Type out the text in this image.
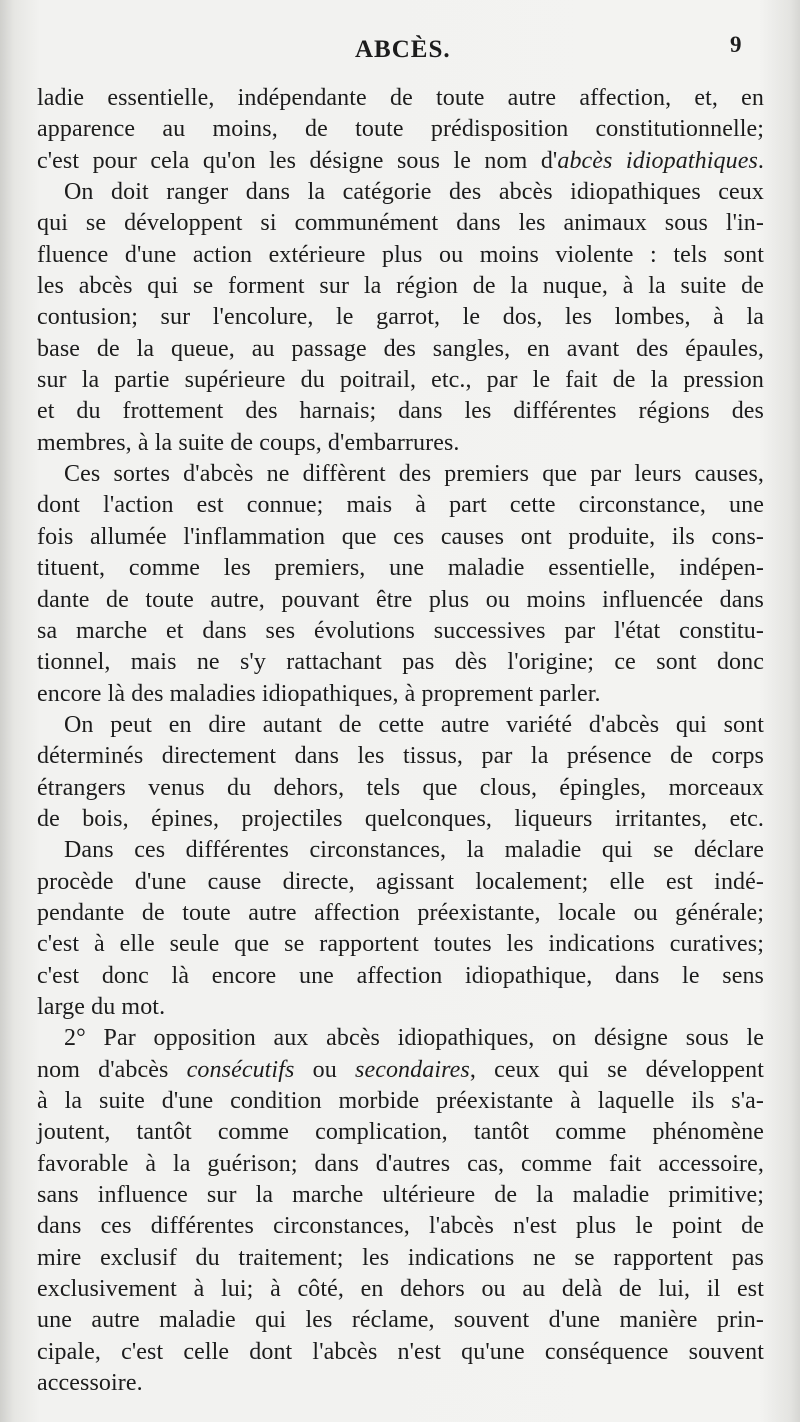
ABCÈS.	9
ladie essentielle, indépendante de toute autre affection, et, en
apparence au moins, de toute prédisposition constitutionnelle;
c'est pour cela qu'on les désigne sous le nom d'abcès idiopathiques.
On doit ranger dans la catégorie des abcès idiopathiques ceux
qui se développent si communément dans les animaux sous l'in-
fluence d'une action extérieure plus ou moins violente : tels sont
les abcès qui se forment sur la région de la nuque, à la suite de
contusion; sur l'encolure, le garrot, le dos, les lombes, à la
base de la queue, au passage des sangles, en avant des épaules,
sur la partie supérieure du poitrail, etc., par le fait de la pression
et du frottement des harnais; dans les différentes régions des
membres, à la suite de coups, d'embarrures.
Ces sortes d'abcès ne diffèrent des premiers que par leurs causes,
dont l'action est connue; mais à part cette circonstance, une
fois allumée l'inflammation que ces causes ont produite, ils cons-
tituent, comme les premiers, une maladie essentielle, indépen-
dante de toute autre, pouvant être plus ou moins influencée dans
sa marche et dans ses évolutions successives par l'état constitu-
tionnel, mais ne s'y rattachant pas dès l'origine; ce sont donc
encore là des maladies idiopathiques, à proprement parler.
On peut en dire autant de cette autre variété d'abcès qui sont
déterminés directement dans les tissus, par la présence de corps
étrangers venus du dehors, tels que clous, épingles, morceaux
de bois, épines, projectiles quelconques, liqueurs irritantes, etc.
Dans ces différentes circonstances, la maladie qui se déclare
procède d'une cause directe, agissant localement; elle est indé-
pendante de toute autre affection préexistante, locale ou générale;
c'est à elle seule que se rapportent toutes les indications curatives;
c'est donc là encore une affection idiopathique, dans le sens
large du mot.
2° Par opposition aux abcès idiopathiques, on désigne sous le
nom d'abcès consécutifs ou secondaires, ceux qui se développent
à la suite d'une condition morbide préexistante à laquelle ils s'a-
joutent, tantôt comme complication, tantôt comme phénomène
favorable à la guérison; dans d'autres cas, comme fait accessoire,
sans influence sur la marche ultérieure de la maladie primitive;
dans ces différentes circonstances, l'abcès n'est plus le point de
mire exclusif du traitement; les indications ne se rapportent pas
exclusivement à lui; à côté, en dehors ou au delà de lui, il est
une autre maladie qui les réclame, souvent d'une manière prin-
cipale, c'est celle dont l'abcès n'est qu'une conséquence souvent
accessoire.
